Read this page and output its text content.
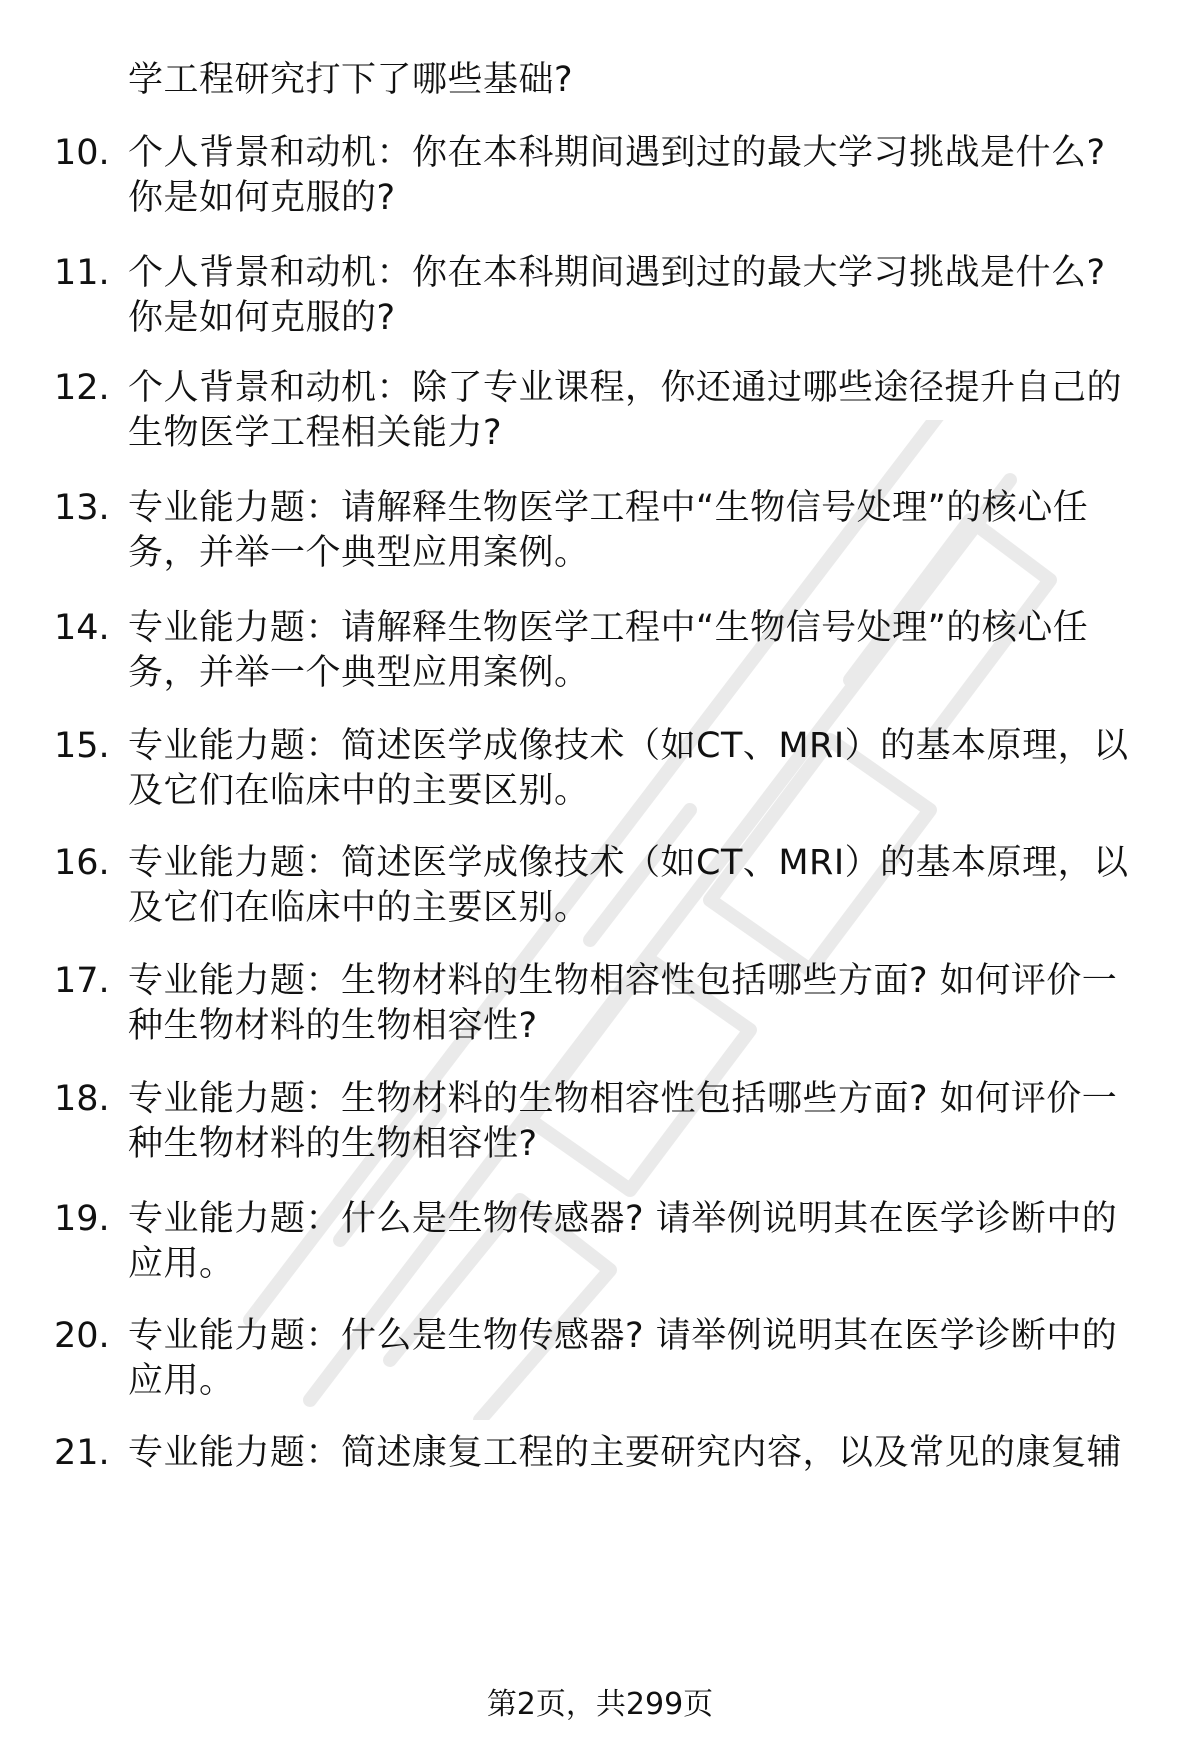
学工程研究打下了哪些基础?
10. 个人背景和动机：你在本科期间遇到过的最大学习挑战是什么?
你是如何克服的?
11. 个人背景和动机：你在本科期间遇到过的最大学习挑战是什么?
你是如何克服的?
12. 个人背景和动机：除了专业课程，你还通过哪些途径提升自己的
生物医学工程相关能力?
13. 专业能力题：请解释生物医学工程中“生物信号处理”的核心任
务，并举一个典型应用案例。
14. 专业能力题：请解释生物医学工程中“生物信号处理”的核心任
务，并举一个典型应用案例。
15. 专业能力题：简述医学成像技术（如CT、MRI）的基本原理，以
及它们在临床中的主要区别。
16. 专业能力题：简述医学成像技术（如CT、MRI）的基本原理，以
及它们在临床中的主要区别。
17. 专业能力题：生物材料的生物相容性包括哪些方面? 如何评价一
种生物材料的生物相容性?
18. 专业能力题：生物材料的生物相容性包括哪些方面? 如何评价一
种生物材料的生物相容性?
19. 专业能力题：什么是生物传感器? 请举例说明其在医学诊断中的
应用。
20. 专业能力题：什么是生物传感器? 请举例说明其在医学诊断中的
应用。
21. 专业能力题：简述康复工程的主要研究内容，以及常见的康复辅
第2页，共299页
